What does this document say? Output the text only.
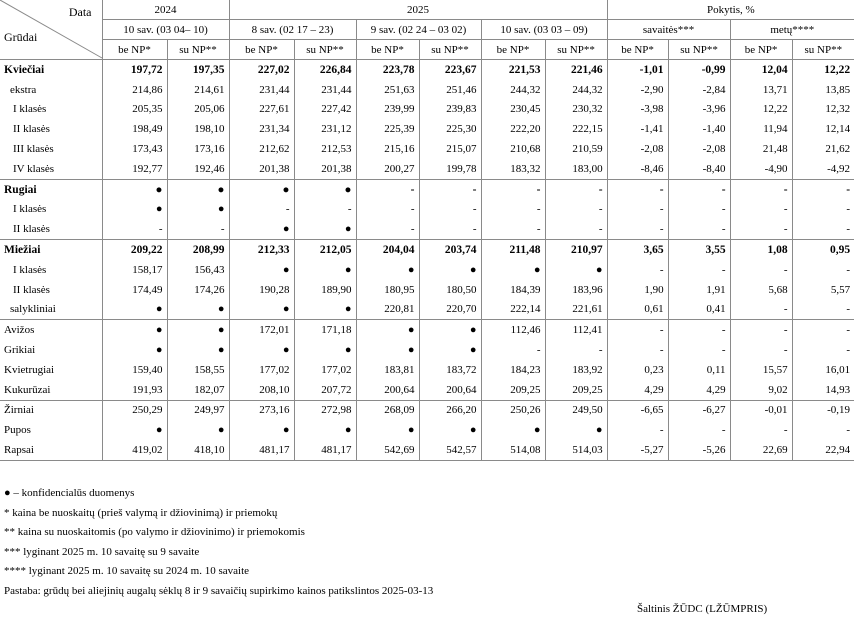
Data
Grūdai	2024		2025						Pokytis, %			
	10 sav. (03 04– 10)		8 sav. (02 17 – 23)		9 sav. (02 24 – 03 02)		10 sav. (03 03 – 09)		savaitės***		metų****	
	be NP*	su NP**	be NP*	su NP**	be NP*	su NP**	be NP*	su NP**	be NP*	su NP**	be NP*	su NP**
Kviečiai	197,72	197,35	227,02	226,84	223,78	223,67	221,53	221,46	-1,01	-0,99	12,04	12,22
ekstra	214,86	214,61	231,44	231,44	251,63	251,46	244,32	244,32	-2,90	-2,84	13,71	13,85
I klasės	205,35	205,06	227,61	227,42	239,99	239,83	230,45	230,32	-3,98	-3,96	12,22	12,32
II klasės	198,49	198,10	231,34	231,12	225,39	225,30	222,20	222,15	-1,41	-1,40	11,94	12,14
III klasės	173,43	173,16	212,62	212,53	215,16	215,07	210,68	210,59	-2,08	-2,08	21,48	21,62
IV klasės	192,77	192,46	201,38	201,38	200,27	199,78	183,32	183,00	-8,46	-8,40	-4,90	-4,92
Rugiai	●	●	●	●	-	-	-	-	-	-	-	-
I klasės	●	●	-	-	-	-	-	-	-	-	-	-
II klasės	-	-	●	●	-	-	-	-	-	-	-	-
Miežiai	209,22	208,99	212,33	212,05	204,04	203,74	211,48	210,97	3,65	3,55	1,08	0,95
I klasės	158,17	156,43	●	●	●	●	●	●	-	-	-	-
II klasės	174,49	174,26	190,28	189,90	180,95	180,50	184,39	183,96	1,90	1,91	5,68	5,57
salykliniai	●	●	●	●	220,81	220,70	222,14	221,61	0,61	0,41	-	-
Avižos	●	●	172,01	171,18	●	●	112,46	112,41	-	-	-	-
Grikiai	●	●	●	●	●	●	-	-	-	-	-	-
Kvietrugiai	159,40	158,55	177,02	177,02	183,81	183,72	184,23	183,92	0,23	0,11	15,57	16,01
Kukurūzai	191,93	182,07	208,10	207,72	200,64	200,64	209,25	209,25	4,29	4,29	9,02	14,93
Žirniai	250,29	249,97	273,16	272,98	268,09	266,20	250,26	249,50	-6,65	-6,27	-0,01	-0,19
Pupos	●	●	●	●	●	●	●	●	-	-	-	-
Rapsai	419,02	418,10	481,17	481,17	542,69	542,57	514,08	514,03	-5,27	-5,26	22,69	22,94
● – konfidencialūs duomenys
* kaina be nuoskaitų (prieš valymą ir džiovinimą) ir priemokų
** kaina su nuoskaitomis (po valymo ir džiovinimo) ir priemokomis
*** lyginant 2025 m. 10 savaitę su 9 savaite
**** lyginant 2025 m. 10 savaitę su 2024 m. 10 savaite
Pastaba: grūdų bei aliejinių augalų sėklų 8 ir 9 savaičių supirkimo kainos patikslintos 2025-03-13
Šaltinis ŽŪDC (LŽŪMPRIS)
